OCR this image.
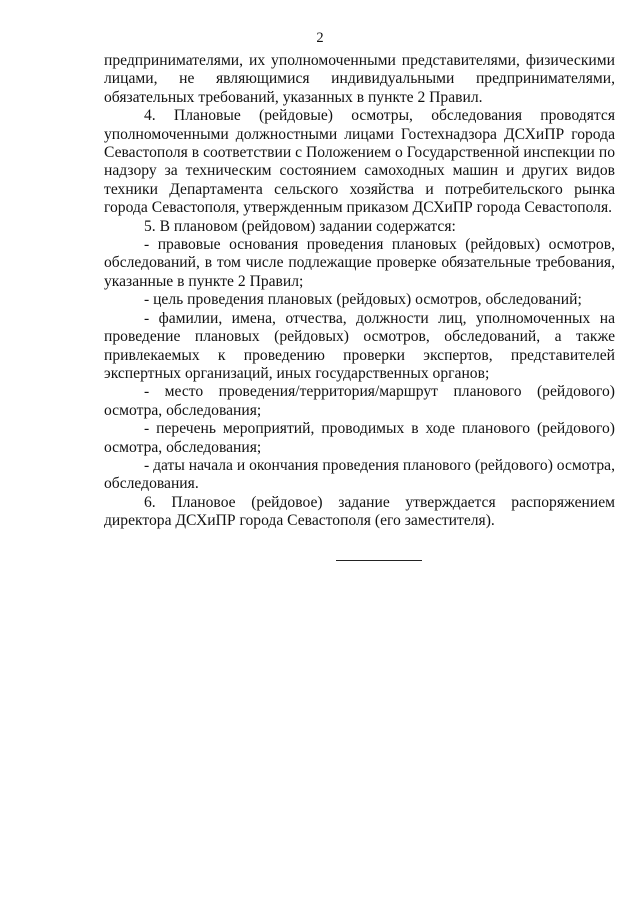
2

предпринимателями, их уполномоченными представителями, физическими лицами, не являющимися индивидуальными предпринимателями, обязательных требований, указанных в пункте 2 Правил.

4. Плановые (рейдовые) осмотры, обследования проводятся уполномоченными должностными лицами Гостехнадзора ДСХиПР города Севастополя в соответствии с Положением о Государственной инспекции по надзору за техническим состоянием самоходных машин и других видов техники Департамента сельского хозяйства и потребительского рынка города Севастополя, утвержденным приказом ДСХиПР города Севастополя.

5. В плановом (рейдовом) задании содержатся:

- правовые основания проведения плановых (рейдовых) осмотров, обследований, в том числе подлежащие проверке обязательные требования, указанные в пункте 2 Правил;

- цель проведения плановых (рейдовых) осмотров, обследований;

- фамилии, имена, отчества, должности лиц, уполномоченных на проведение плановых (рейдовых) осмотров, обследований, а также привлекаемых к проведению проверки экспертов, представителей экспертных организаций, иных государственных органов;

- место проведения/территория/маршрут планового (рейдового) осмотра, обследования;

- перечень мероприятий, проводимых в ходе планового (рейдового) осмотра, обследования;

- даты начала и окончания проведения планового (рейдового) осмотра, обследования.

6. Плановое (рейдовое) задание утверждается распоряжением директора ДСХиПР города Севастополя (его заместителя).
